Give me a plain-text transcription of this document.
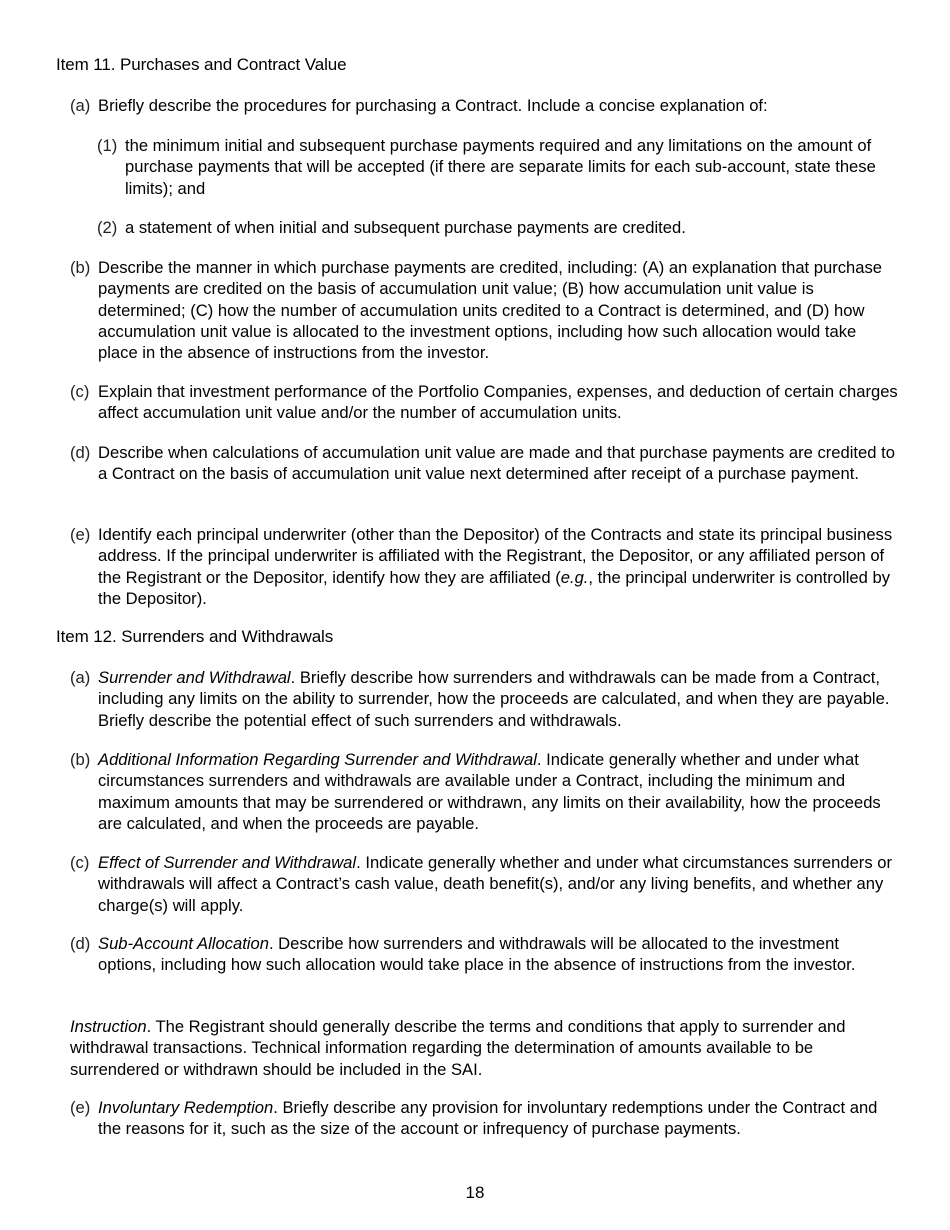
Item 11. Purchases and Contract Value
(a) Briefly describe the procedures for purchasing a Contract. Include a concise explanation of:
(1) the minimum initial and subsequent purchase payments required and any limitations on the amount of purchase payments that will be accepted (if there are separate limits for each sub-account, state these limits); and
(2) a statement of when initial and subsequent purchase payments are credited.
(b) Describe the manner in which purchase payments are credited, including: (A) an explanation that purchase payments are credited on the basis of accumulation unit value; (B) how accumulation unit value is determined; (C) how the number of accumulation units credited to a Contract is determined, and (D) how accumulation unit value is allocated to the investment options, including how such allocation would take place in the absence of instructions from the investor.
(c) Explain that investment performance of the Portfolio Companies, expenses, and deduction of certain charges affect accumulation unit value and/or the number of accumulation units.
(d) Describe when calculations of accumulation unit value are made and that purchase payments are credited to a Contract on the basis of accumulation unit value next determined after receipt of a purchase payment.
(e) Identify each principal underwriter (other than the Depositor) of the Contracts and state its principal business address. If the principal underwriter is affiliated with the Registrant, the Depositor, or any affiliated person of the Registrant or the Depositor, identify how they are affiliated (e.g., the principal underwriter is controlled by the Depositor).
Item 12. Surrenders and Withdrawals
(a) Surrender and Withdrawal. Briefly describe how surrenders and withdrawals can be made from a Contract, including any limits on the ability to surrender, how the proceeds are calculated, and when they are payable. Briefly describe the potential effect of such surrenders and withdrawals.
(b) Additional Information Regarding Surrender and Withdrawal. Indicate generally whether and under what circumstances surrenders and withdrawals are available under a Contract, including the minimum and maximum amounts that may be surrendered or withdrawn, any limits on their availability, how the proceeds are calculated, and when the proceeds are payable.
(c) Effect of Surrender and Withdrawal. Indicate generally whether and under what circumstances surrenders or withdrawals will affect a Contract’s cash value, death benefit(s), and/or any living benefits, and whether any charge(s) will apply.
(d) Sub-Account Allocation. Describe how surrenders and withdrawals will be allocated to the investment options, including how such allocation would take place in the absence of instructions from the investor.
Instruction. The Registrant should generally describe the terms and conditions that apply to surrender and withdrawal transactions. Technical information regarding the determination of amounts available to be surrendered or withdrawn should be included in the SAI.
(e) Involuntary Redemption. Briefly describe any provision for involuntary redemptions under the Contract and the reasons for it, such as the size of the account or infrequency of purchase payments.
18
